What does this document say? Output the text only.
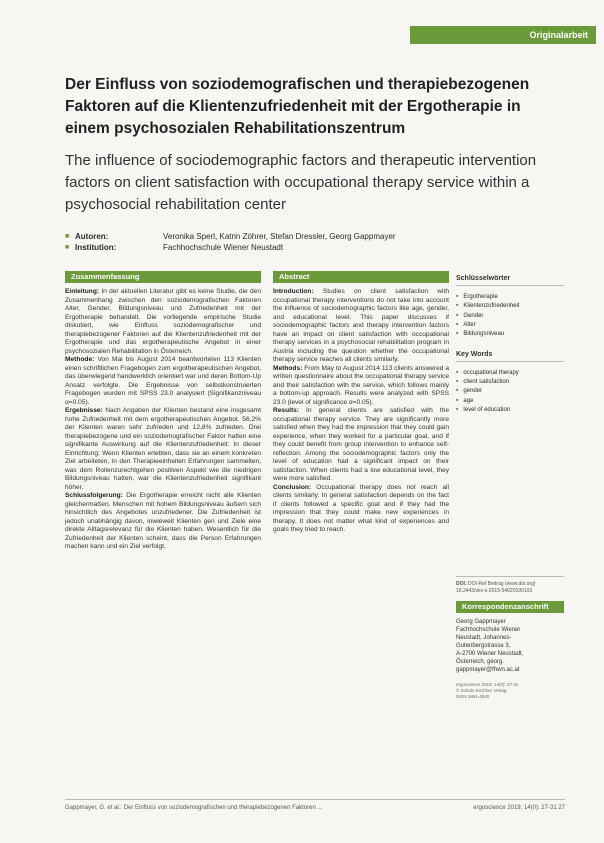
Originalarbeit
Der Einfluss von soziodemografischen und therapiebezogenen Faktoren auf die Klientenzufriedenheit mit der Ergotherapie in einem psychosozialen Rehabilitationszentrum
The influence of sociodemographic factors and therapeutic intervention factors on client satisfaction with occupational therapy service within a psychosocial rehabilitation center
■ Autoren:	Veronika Sperl, Katrin Zöhrer, Stefan Dressler, Georg Gappmayer
■ Institution:	Fachhochschule Wiener Neustadt
Zusammenfassung

Einleitung: In der aktuellen Literatur gibt es keine Studie, die den Zusammenhang zwischen den soziodemografischen Faktoren Alter, Gender, Bildungsniveau und Zufriedenheit mit der Ergotherapie behandelt. Die vorliegende empirische Studie diskutiert, wie Einfluss soziodemografischer und therapiebezogener Faktoren auf die Klientenzufriedenheit mit der Ergotherapie und das ergotherapeutische Angebot in einer psychosozialen Rehabilitation in Österreich.

Methode: Von Mai bis August 2014 beantworteten 113 Klienten einen schriftlichen Fragebogen zum ergotherapeutischen Angebot, das überwiegend handwerklich orientiert war und deren Bottom-Up Ansatz verfolgte. Die Ergebnisse von selbstkonstruierten Fragebogen wurden mit SPSS 23.0 analysiert (Signifikanzniveau α=0.05).

Ergebnisse: Nach Angaben der Klienten bestand eine insgesamt hohe Zufriedenheit mit dem ergotherapeutischen Angebot. 56,2% der Klienten waren sehr zufrieden und 12,8% zufrieden. Drei therapiebezogene und ein soziodemografischer Faktor hatten eine signifikante Auswirkung auf die Klientenzufriedenheit: In dieser Einrichtung: Wenn Klienten erlebten, dass sie an einem konkreten Ziel arbeiteten, in den Therapieeinheiten Erfahrungen sammelten, was dem Rollenzurechtgehen positiven Aspekt wie die niedrigen Bildungsniveau hatten, war die Klientenzufriedenheit signifikant höher.

Schlussfolgerung: Die Ergotherapie erreicht nicht alle Klienten gleichermaßen. Menschen mit hohem Bildungsniveau äußern sich hinsichtlich des Angebotes unzufriedener. Die Zufriedenheit ist jedoch unabhängig davon, inwieweit Klienten gen und Ziele eine direkte Alltagsrelevanz für die Klienten haben. Wesentlich für die Zufriedenheit der Klienten scheint, dass die Person Erfahrungen machen kann und ein Ziel verfolgt.

Abstract

Introduction: Studies on client satisfaction with occupational therapy interventions do not take into account the influence of sociodemographic factors like age, gender, and educational level. This paper discusses if sociodemographic factors and therapy intervention factors have an impact on client satisfaction with occupational therapy services in a psychosocial rehabilitation program in Austria including the question whether the occupational therapy service reaches all clients similarly.

Methods: From May to August 2014 113 clients answered a written questionnaire about the occupational therapy service and their satisfaction with the service, which follows mainly a bottom-up approach. Results were analyzed with SPSS 23.0 (level of significance α=0.05).

Results: In general clients are satisfied with the occupational therapy service. They are significantly more satisfied when they had the impression that they could gain experience, when they worked for a particular goal, and if they could benefit from group intervention to enhance self-reflection. Among the sociodemographic factors only the level of education had a significant impact on their satisfaction. When clients had a low educational level, they were more satisfied.

Conclusion: Occupational therapy does not reach all clients similarly. In general satisfaction depends on the fact if clients followed a specific goal and if they had the impression that they could make new experiences in therapy. It does not matter what kind of experiences and goals they tried to reach.

Schlüsselwörter
■ Ergotherapie
■ Klientenzufriedenheit
■ Gender
■ Alter
■ Bildungsniveau
Key Words
■ occupational therapy
■ client satisfaction
■ gender
■ age
■ level of education
DOI: DOI-Ref Beitrag (www.doi.org) 10.2443/skv-s-2019-54020190103
Korrespondenzanschrift
Georg Gappmayer
Fachhochschule Wiener
Neustadt, Johannes-
Gutenbergstrasse 3,
A-2700 Wiener Neustadt,
Österreich, georg.
gappmayer@fhwn.ac.at
ergoscience 2019; 14(0): 27-31
© Schulz-Kirchner Verlag
ISSN 1861-4540
Gappmayer, G. et al.: Der Einfluss von soziodemografischen und therapiebezogenen Faktoren ...	ergoscience 2019; 14(0): 27-31 27
